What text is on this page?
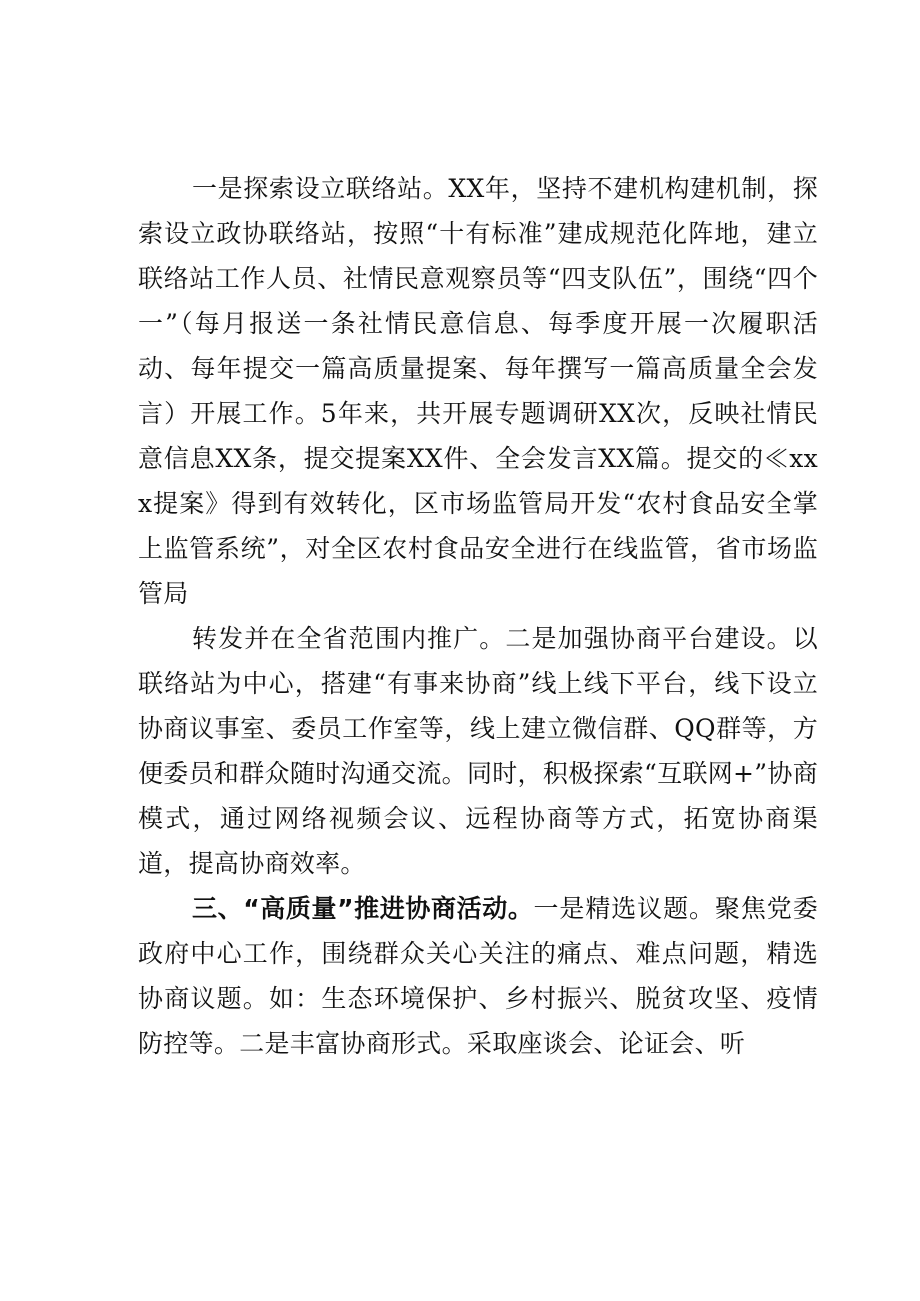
一是探索设立联络站。XX年，坚持不建机构建机制，探索设立政协联络站，按照“十有标准”建成规范化阵地，建立联络站工作人员、社情民意观察员等“四支队伍”，围绕“四个一”（每月报送一条社情民意信息、每季度开展一次履职活动、每年提交一篇高质量提案、每年撰写一篇高质量全会发言）开展工作。5年来，共开展专题调研XX次，反映社情民意信息XX条，提交提案XX件、全会发言XX篇。提交的≪xxx提案》得到有效转化，区市场监管局开发“农村食品安全掌上监管系统”，对全区农村食品安全进行在线监管，省市场监管局

转发并在全省范围内推广。二是加强协商平台建设。以联络站为中心，搭建“有事来协商”线上线下平台，线下设立协商议事室、委员工作室等，线上建立微信群、QQ群等，方便委员和群众随时沟通交流。同时，积极探索“互联网+”协商模式，通过网络视频会议、远程协商等方式，拓宽协商渠道，提高协商效率。

三、“高质量”推进协商活动。一是精选议题。聚焦党委政府中心工作，围绕群众关心关注的痛点、难点问题，精选协商议题。如：生态环境保护、乡村振兴、脱贫攻坚、疫情防控等。二是丰富协商形式。采取座谈会、论证会、听
